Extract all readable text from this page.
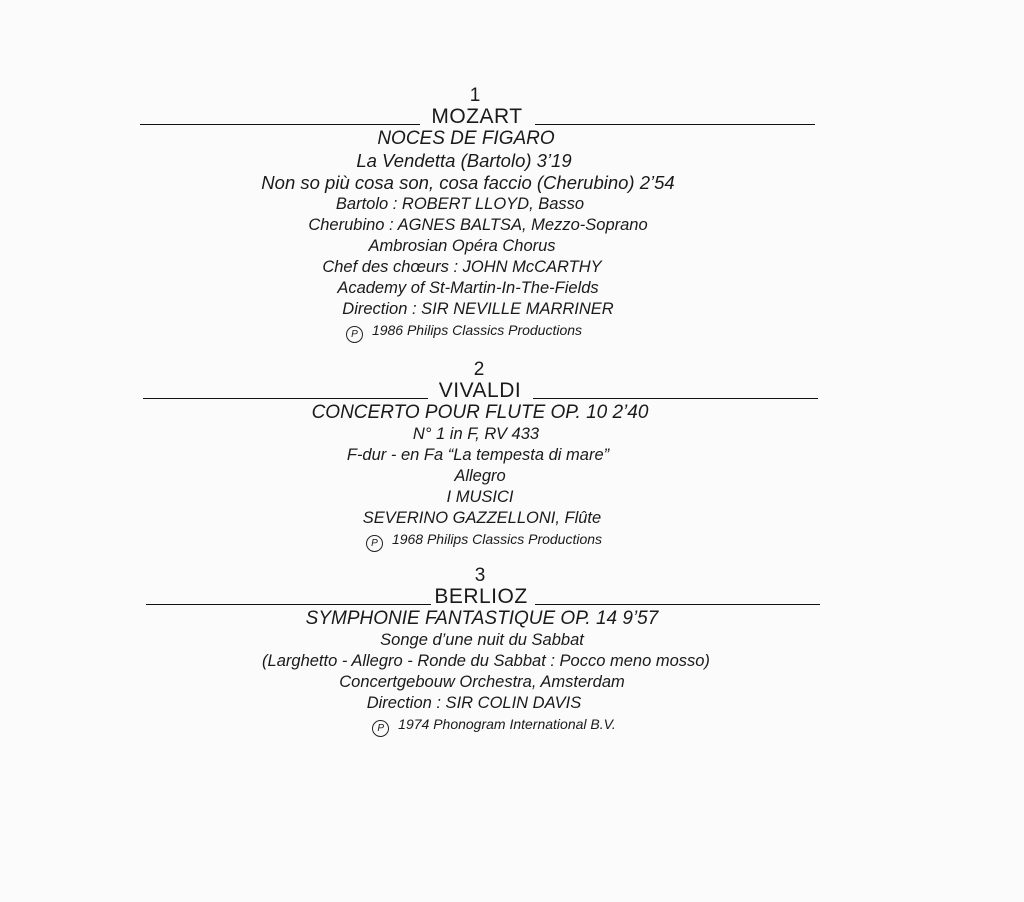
1
MOZART
NOCES DE FIGARO
La Vendetta (Bartolo) 3’19
Non so più cosa son, cosa faccio (Cherubino) 2’54
Bartolo : ROBERT LLOYD, Basso
Cherubino : AGNES BALTSA, Mezzo-Soprano
Ambrosian Opéra Chorus
Chef des chœurs : JOHN McCARTHY
Academy of St-Martin-In-The-Fields
Direction : SIR NEVILLE MARRINER
P 1986 Philips Classics Productions
2
VIVALDI
CONCERTO POUR FLUTE OP. 10 2’40
N° 1 in F, RV 433
F-dur - en Fa “La tempesta di mare”
Allegro
I MUSICI
SEVERINO GAZZELLONI, Flûte
P 1968 Philips Classics Productions
3
BERLIOZ
SYMPHONIE FANTASTIQUE OP. 14 9’57
Songe d’une nuit du Sabbat
(Larghetto - Allegro - Ronde du Sabbat : Pocco meno mosso)
Concertgebouw Orchestra, Amsterdam
Direction : SIR COLIN DAVIS
P 1974 Phonogram International B.V.
